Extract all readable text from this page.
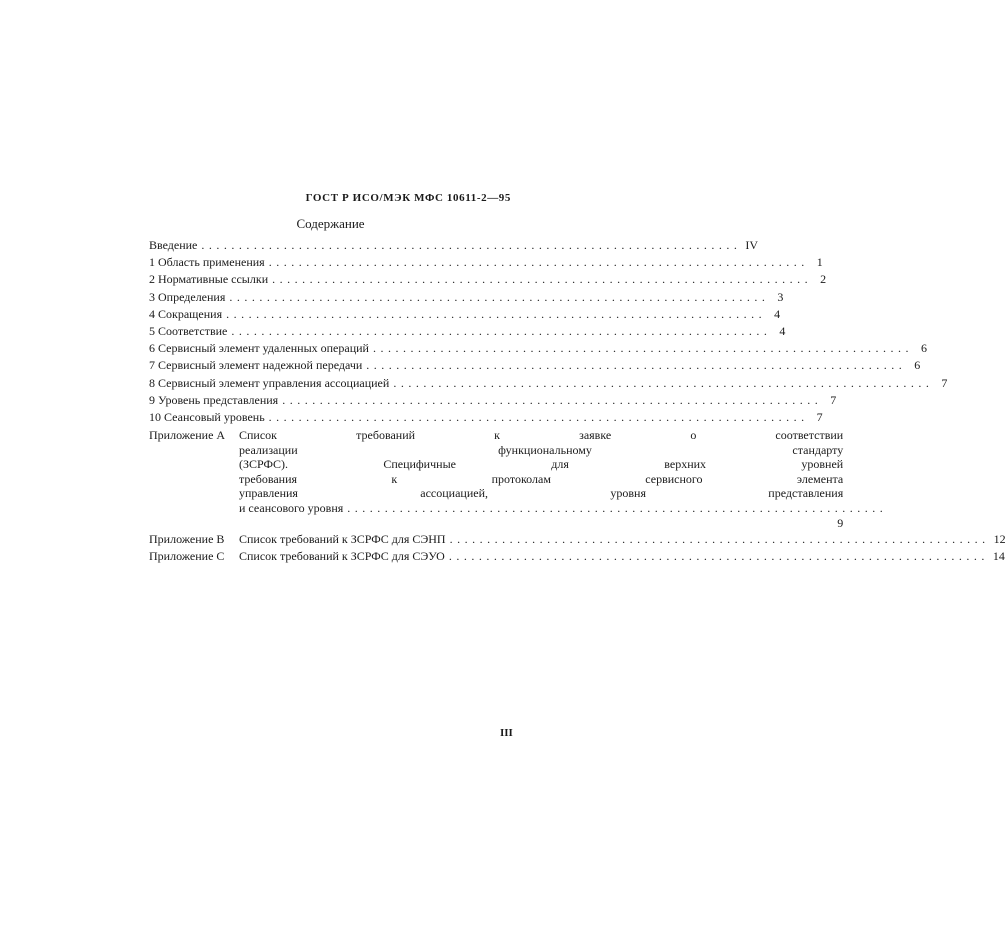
ГОСТ Р ИСО/МЭК МФС 10611-2—95
Содержание
Введение ........................................................................ IV
1 Область применения ........................................................................ 1
2 Нормативные ссылки ........................................................................ 2
3 Определения ........................................................................ 3
4 Сокращения ........................................................................ 4
5 Соответствие ........................................................................ 4
6 Сервисный элемент удаленных операций ........................................................................ 6
7 Сервисный элемент надежной передачи ........................................................................ 6
8 Сервисный элемент управления ассоциацией ........................................................................ 7
9 Уровень представления ........................................................................ 7
10 Сеансовый уровень ........................................................................ 7
Приложение А	Список требований к заявке о соответствии
реализации функциональному стандарту
(ЗСРФС). Специфичные для верхних уровней
требования к протоколам сервисного элемента
управления ассоциацией, уровня представления
и сеансового уровня ........................................................................
9
Приложение В	Список требований к ЗСРФС для СЭНП ........................................................................ 12
Приложение С	Список требований к ЗСРФС для СЭУО ........................................................................ 14
III
